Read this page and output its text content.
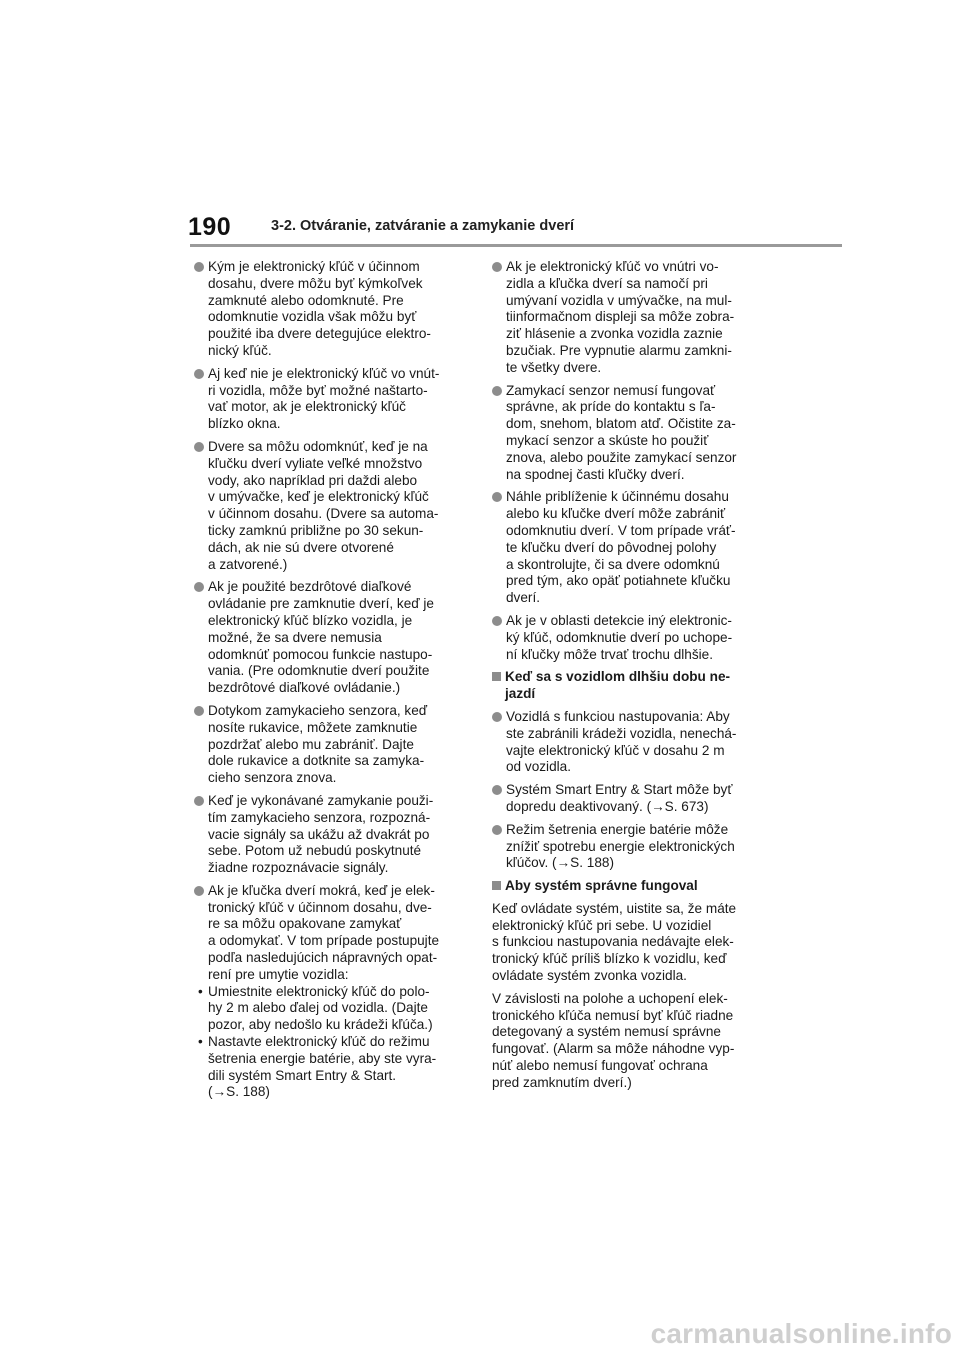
190	3-2. Otváranie, zatváranie a zamykanie dverí
Kým je elektronický kľúč v účinnom
dosahu, dvere môžu byť kýmkoľvek
zamknuté alebo odomknuté. Pre
odomknutie vozidla však môžu byť
použité iba dvere detegujúce elektro-
nický kľúč.
Aj keď nie je elektronický kľúč vo vnút-
ri vozidla, môže byť možné naštarto-
vať motor, ak je elektronický kľúč
blízko okna.
Dvere sa môžu odomknúť, keď je na
kľučku dverí vyliate veľké množstvo
vody, ako napríklad pri daždi alebo
v umývačke, keď je elektronický kľúč
v účinnom dosahu. (Dvere sa automa-
ticky zamknú približne po 30 sekun-
dách, ak nie sú dvere otvorené
a zatvorené.)
Ak je použité bezdrôtové diaľkové
ovládanie pre zamknutie dverí, keď je
elektronický kľúč blízko vozidla, je
možné, že sa dvere nemusia
odomknúť pomocou funkcie nastupo-
vania. (Pre odomknutie dverí použite
bezdrôtové diaľkové ovládanie.)
Dotykom zamykacieho senzora, keď
nosíte rukavice, môžete zamknutie
pozdržať alebo mu zabrániť. Dajte
dole rukavice a dotknite sa zamyka-
cieho senzora znova.
Keď je vykonávané zamykanie použi-
tím zamykacieho senzora, rozpozná-
vacie signály sa ukážu až dvakrát po
sebe. Potom už nebudú poskytnuté
žiadne rozpoznávacie signály.
Ak je kľučka dverí mokrá, keď je elek-
tronický kľúč v účinnom dosahu, dve-
re sa môžu opakovane zamykať
a odomykať. V tom prípade postupujte
podľa nasledujúcich nápravných opat-
rení pre umytie vozidla:
• Umiestnite elektronický kľúč do polo-
hy 2 m alebo ďalej od vozidla. (Dajte
pozor, aby nedošlo ku krádeži kľúča.)
• Nastavte elektronický kľúč do režimu
šetrenia energie batérie, aby ste vyra-
dili systém Smart Entry & Start.
(→S. 188)
Ak je elektronický kľúč vo vnútri vo-
zidla a kľučka dverí sa namočí pri
umývaní vozidla v umývačke, na mul-
tiinformačnom displeji sa môže zobra-
ziť hlásenie a zvonka vozidla zaznie
bzučiak. Pre vypnutie alarmu zamkni-
te všetky dvere.
Zamykací senzor nemusí fungovať
správne, ak príde do kontaktu s ľa-
dom, snehom, blatom atď. Očistite za-
mykací senzor a skúste ho použiť
znova, alebo použite zamykací senzor
na spodnej časti kľučky dverí.
Náhle priblíženie k účinnému dosahu
alebo ku kľučke dverí môže zabrániť
odomknutiu dverí. V tom prípade vráť-
te kľučku dverí do pôvodnej polohy
a skontrolujte, či sa dvere odomknú
pred tým, ako opäť potiahnete kľučku
dverí.
Ak je v oblasti detekcie iný elektronic-
ký kľúč, odomknutie dverí po uchope-
ní kľučky môže trvať trochu dlhšie.
Keď sa s vozidlom dlhšiu dobu ne-
jazdí
Vozidlá s funkciou nastupovania: Aby
ste zabránili krádeži vozidla, nenechá-
vajte elektronický kľúč v dosahu 2 m
od vozidla.
Systém Smart Entry & Start môže byť
dopredu deaktivovaný. (→S. 673)
Režim šetrenia energie batérie môže
znížiť spotrebu energie elektronických
kľúčov. (→S. 188)
Aby systém správne fungoval
Keď ovládate systém, uistite sa, že máte
elektronický kľúč pri sebe. U vozidiel
s funkciou nastupovania nedávajte elek-
tronický kľúč príliš blízko k vozidlu, keď
ovládate systém zvonka vozidla.
V závislosti na polohe a uchopení elek-
tronického kľúča nemusí byť kľúč riadne
detegovaný a systém nemusí správne
fungovať. (Alarm sa môže náhodne vyp-
núť alebo nemusí fungovať ochrana
pred zamknutím dverí.)
carmanualsonline.info
